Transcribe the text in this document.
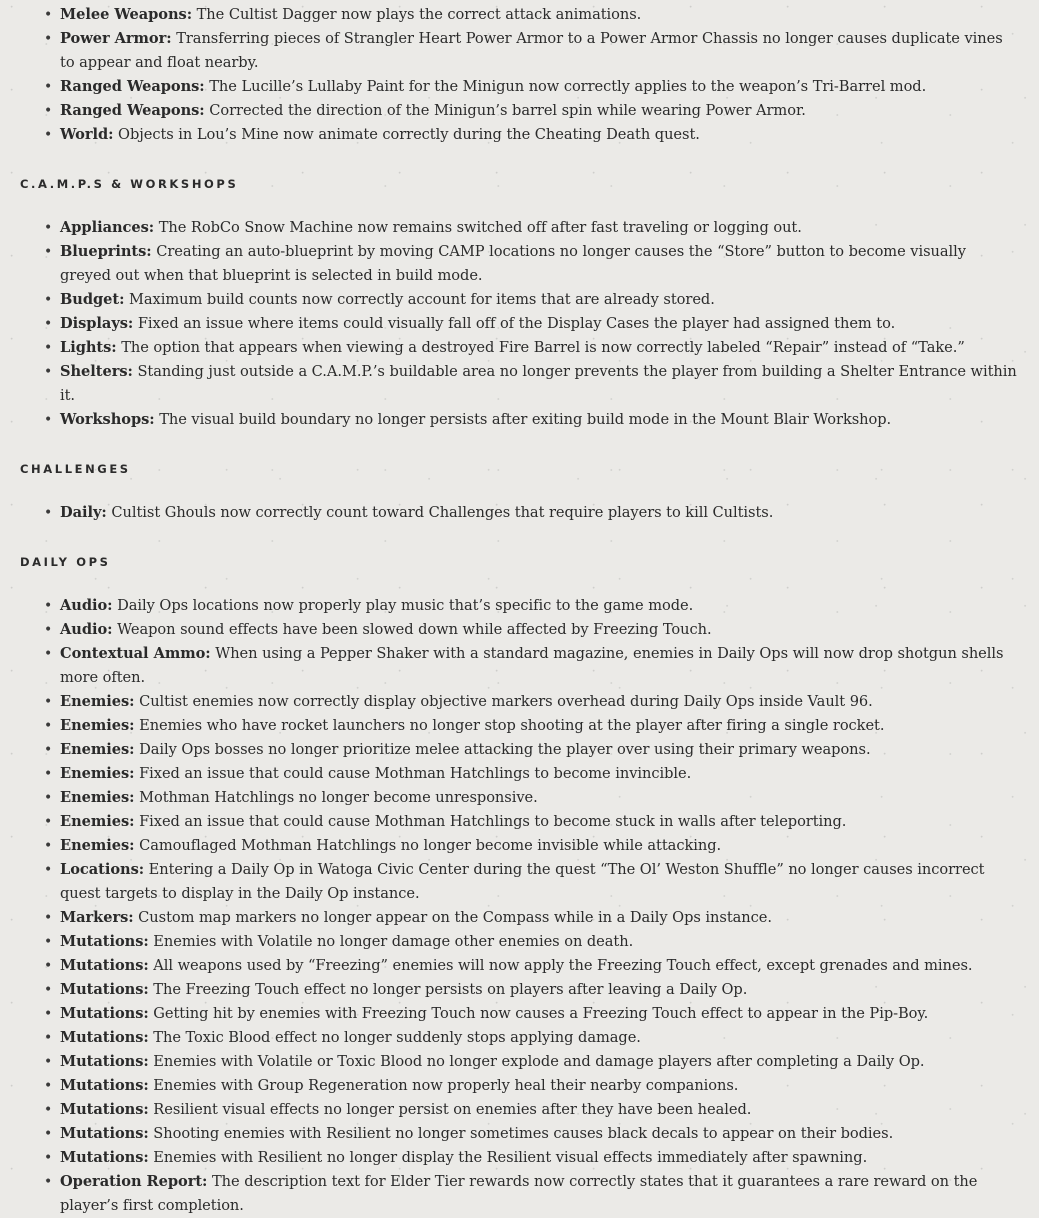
• Melee Weapons: The Cultist Dagger now plays the correct attack animations.
• Power Armor: Transferring pieces of Strangler Heart Power Armor to a Power Armor Chassis no longer causes duplicate vines to appear and float nearby.
• Ranged Weapons: The Lucille’s Lullaby Paint for the Minigun now correctly applies to the weapon’s Tri-Barrel mod.
• Ranged Weapons: Corrected the direction of the Minigun’s barrel spin while wearing Power Armor.
• World: Objects in Lou’s Mine now animate correctly during the Cheating Death quest.
C.A.M.P.S & WORKSHOPS
• Appliances: The RobCo Snow Machine now remains switched off after fast traveling or logging out.
• Blueprints: Creating an auto-blueprint by moving CAMP locations no longer causes the “Store” button to become visually greyed out when that blueprint is selected in build mode.
• Budget: Maximum build counts now correctly account for items that are already stored.
• Displays: Fixed an issue where items could visually fall off of the Display Cases the player had assigned them to.
• Lights: The option that appears when viewing a destroyed Fire Barrel is now correctly labeled “Repair” instead of “Take.”
• Shelters: Standing just outside a C.A.M.P.’s buildable area no longer prevents the player from building a Shelter Entrance within it.
• Workshops: The visual build boundary no longer persists after exiting build mode in the Mount Blair Workshop.
CHALLENGES
• Daily: Cultist Ghouls now correctly count toward Challenges that require players to kill Cultists.
DAILY OPS
• Audio: Daily Ops locations now properly play music that’s specific to the game mode.
• Audio: Weapon sound effects have been slowed down while affected by Freezing Touch.
• Contextual Ammo: When using a Pepper Shaker with a standard magazine, enemies in Daily Ops will now drop shotgun shells more often.
• Enemies: Cultist enemies now correctly display objective markers overhead during Daily Ops inside Vault 96.
• Enemies: Enemies who have rocket launchers no longer stop shooting at the player after firing a single rocket.
• Enemies: Daily Ops bosses no longer prioritize melee attacking the player over using their primary weapons.
• Enemies: Fixed an issue that could cause Mothman Hatchlings to become invincible.
• Enemies: Mothman Hatchlings no longer become unresponsive.
• Enemies: Fixed an issue that could cause Mothman Hatchlings to become stuck in walls after teleporting.
• Enemies: Camouflaged Mothman Hatchlings no longer become invisible while attacking.
• Locations: Entering a Daily Op in Watoga Civic Center during the quest “The Ol’ Weston Shuffle” no longer causes incorrect quest targets to display in the Daily Op instance.
• Markers: Custom map markers no longer appear on the Compass while in a Daily Ops instance.
• Mutations: Enemies with Volatile no longer damage other enemies on death.
• Mutations: All weapons used by “Freezing” enemies will now apply the Freezing Touch effect, except grenades and mines.
• Mutations: The Freezing Touch effect no longer persists on players after leaving a Daily Op.
• Mutations: Getting hit by enemies with Freezing Touch now causes a Freezing Touch effect to appear in the Pip-Boy.
• Mutations: The Toxic Blood effect no longer suddenly stops applying damage.
• Mutations: Enemies with Volatile or Toxic Blood no longer explode and damage players after completing a Daily Op.
• Mutations: Enemies with Group Regeneration now properly heal their nearby companions.
• Mutations: Resilient visual effects no longer persist on enemies after they have been healed.
• Mutations: Shooting enemies with Resilient no longer sometimes causes black decals to appear on their bodies.
• Mutations: Enemies with Resilient no longer display the Resilient visual effects immediately after spawning.
• Operation Report: The description text for Elder Tier rewards now correctly states that it guarantees a rare reward on the player’s first completion.
